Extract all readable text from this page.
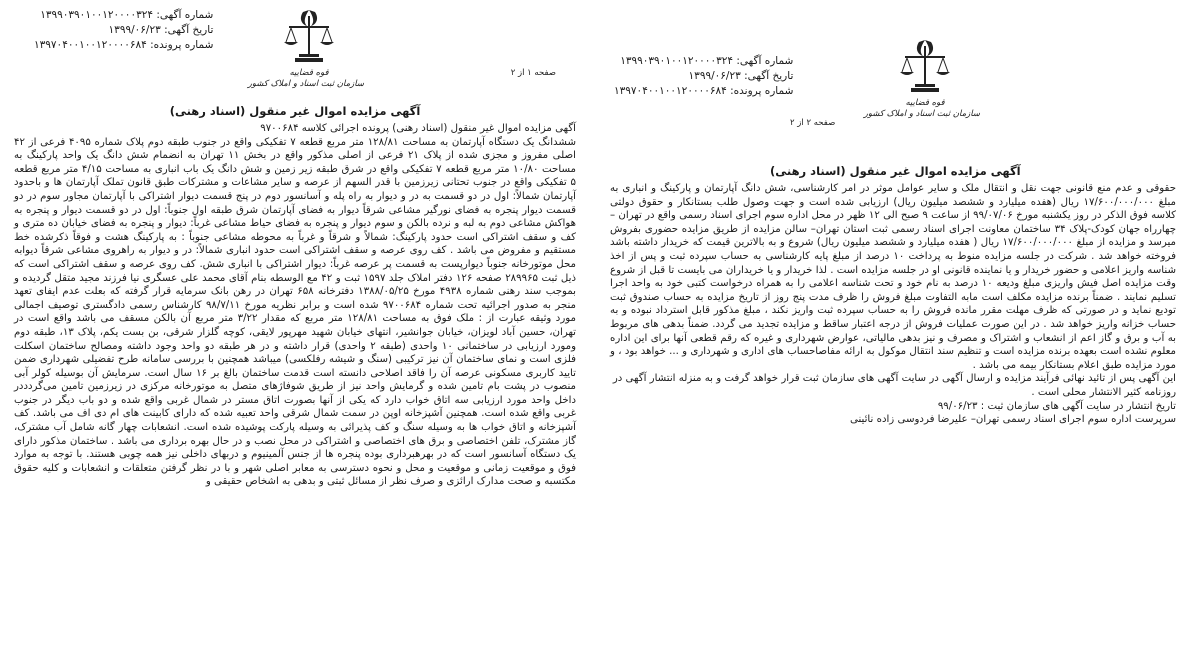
شماره آگهی: ۱۳۹۹۰۳۹۰۱۰۰۱۲۰۰۰۰۳۲۴
تاریخ آگهی: ۱۳۹۹/۰۶/۲۳
شماره پرونده: ۱۳۹۷۰۴۰۰۱۰۰۱۲۰۰۰۰۶۸۴
قوه قضاییه
سازمان ثبت اسناد و املاک کشور
صفحه ۱ از ۲
آگهی مزایده اموال غیر منقول (اسناد رهنی)

آگهی مزایده اموال غیر منقول (اسناد رهنی) پرونده اجرائی کلاسه ۹۷۰۰۶۸۴

ششدانگ یک دستگاه آپارتمان به مساحت ۱۲۸/۸۱ متر مربع قطعه ۷ تفکیکی واقع در جنوب طبقه دوم پلاک شماره ۴۰۹۵ فرعی از ۴۲ اصلی مفروز و مجزی شده از پلاک ۲۱ فرعی از اصلی مذکور واقع در بخش ۱۱ تهران به انضمام شش دانگ یک واحد پارکینگ به مساحت ۱۰/۸۰ متر مربع قطعه ۷ تفکیکی واقع در شرق طبقه زیر زمین و شش دانگ یک باب انباری به مساحت ۴/۱۵ متر مربع قطعه ۵ تفکیکی واقع در جنوب تحتانی زیرزمین با قدر السهم از عرصه و سایر مشاعات و مشترکات طبق قانون تملک آپارتمان ها و باحدود آپارتمان شمالاً: اول در دو قسمت به در و دیوار به راه پله و آسانسور دوم در پنج قسمت دیوار اشتراکی با آپارتمان مجاور سوم در دو قسمت دیوار پنجره به فضای نورگیر مشاعی شرقاً دیوار به فضای آپارتمان شرق طبقه اول جنوباً: اول در دو قسمت دیوار و پنجره به هواکش مشاعی دوم به لبه و نرده بالکن و سوم دیوار و پنجره به فضای حیاط مشاعی غرباً: دیوار و پنجره به فضای خیابان ده متری و کف و سقف اشتراکی است حدود پارکینگ: شمالاً و شرقاً و غرباً به محوطه مشاعی جنوباً : به پارکینگ هشت و فوقاً ذکرشده خط مستقیم و مفروض می باشد . کف روی عرصه و سقف اشتراکی است حدود انباری شمالاً: در و دیوار به راهروی مشاعی شرقاً دیوابه محل موتورخانه جنوباً دیوارپست به قسمت پر عرصه غرباً: دیوار اشتراکی با انباری شش. کف روی عرصه و سقف اشتراکی است که ذیل ثبت ۲۸۹۹۶۵ صفحه ۱۲۶ دفتر املاک جلد ۱۵۹۷ ثبت و ۴۲ مع الوسطه بنام آقای محمد علی عسگری نیا فرزند مجید متقل گردیده و بموجب سند رهنی شماره ۴۹۳۸ مورخ ۱۳۸۸/۰۵/۲۵ دفترخانه ۶۵۸ تهران در رهن بانک سرمایه قرار گرفته که بعلت عدم ایفای تعهد منجر به صدور اجرائیه تحت شماره ۹۷۰۰۶۸۴ شده است و برابر نظریه مورخ ۹۸/۷/۱۱ کارشناس رسمی دادگستری توصیف اجمالی مورد وثیقه عبارت از : ملک فوق به مساحت ۱۲۸/۸۱ متر مربع که مقدار ۳/۲۲ متر مربع آن بالکن مسقف می باشد واقع است در تهران، حسین آباد لویزان، خیابان جوانشیر، انتهای خیابان شهید مهرپور لایقی، کوچه گلزار شرقی، بن بست یکم، پلاک ۱۳، طبقه دوم ومورد ارزیابی در ساختمانی ۱۰ واحدی (طبقه ۲ واحدی) قرار داشته و در هر طبقه دو واحد وجود داشته ومصالح ساختمان اسکلت فلزی است و نمای ساختمان آن نیز ترکیبی (سنگ و شیشه رفلکسی) میباشد همچنین با بررسی سامانه طرح تفضیلی شهرداری ضمن تایید کاربری مسکونی عرصه آن را فاقد اصلاحی دانسته است قدمت ساختمان بالغ بر ۱۶ سال است. سرمایش آن بوسیله کولر آبی منصوب در پشت بام تامین شده و گرمایش واحد نیز از طریق شوفاژهای متصل به موتورخانه مرکزی در زیرزمین تامین می‌گردددر داخل واحد مورد ارزیابی سه اتاق خواب دارد که یکی از آنها بصورت اتاق مستر در شمال غربی واقع شده و دو باب دیگر در جنوب غربی واقع شده است. همچنین آشپزخانه اوپن در سمت شمال شرقی واحد تعبیه شده که دارای کابینت های ام دی اف می باشد. کف آشپزخانه و اتاق خواب ها به وسیله سنگ و کف پذیرائی به وسیله پارکت پوشیده شده است. انشعابات چهار گانه شامل آب مشترک، گاز مشترک، تلفن اختصاصی و برق های اختصاصی و اشتراکی در محل نصب و در حال بهره برداری می باشد . ساختمان مذکور دارای یک دستگاه آسانسور است که در بهرهبرداری بوده پنجره ها از جنس آلمینیوم و دربهای داخلی نیز همه چوبی هستند. با توجه به موارد فوق و موقعیت زمانی و موقعیت و محل و نحوه دسترسی به معابر اصلی شهر و با در نظر گرفتن متعلقات و انشعابات و کلیه حقوق مکتسبه و صحت مدارک ارائزی و صرف نظر از مسائل ثبتی و بدهی به اشخاص حقیقی و

شماره آگهی: ۱۳۹۹۰۳۹۰۱۰۰۱۲۰۰۰۰۳۲۴
تاریخ آگهی: ۱۳۹۹/۰۶/۲۳
شماره پرونده: ۱۳۹۷۰۴۰۰۱۰۰۱۲۰۰۰۰۶۸۴
قوه قضاییه
سازمان ثبت اسناد و املاک کشور
صفحه ۲ از ۲
آگهی مزایده اموال غیر منقول (اسناد رهنی)

حقوقی و عدم منع قانونی جهت نقل و انتقال ملک و سایر عوامل موثر در امر کارشناسی، شش دانگ آپارتمان و پارکینگ و انباری به مبلغ ۱۷/۶۰۰/۰۰۰/۰۰۰ ریال (هفده میلیارد و ششصد میلیون ریال) ارزیابی شده است و جهت وصول طلب بستانکار و حقوق دولتی کلاسه فوق الذکر در روز یکشنبه مورخ ۹۹/۰۷/۰۶ از ساعت ۹ صبح الی ۱۲ ظهر در محل اداره سوم اجرای اسناد رسمی واقع در تهران – چهارراه جهان کودک-پلاک ۳۴ ساختمان معاونت اجرای اسناد رسمی ثبت استان تهران– سالن مزایده از طریق مزایده حضوری بفروش میرسد و مزایده از مبلغ ۱۷/۶۰۰/۰۰۰/۰۰۰ ریال ( هفده میلیارد و ششصد میلیون ریال) شروع و به بالاترین قیمت که خریدار داشته باشد فروخته خواهد شد . شرکت در جلسه مزایده منوط به پرداخت ۱۰ درصد از مبلغ پایه کارشناسی به حساب سپرده ثبت و پس از اخذ شناسه واریز اعلامی و حضور خریدار و یا نماینده قانونی او در جلسه مزایده است . لذا خریدار و یا خریداران می بایست تا قبل از شروع وقت مزایده اصل فیش واریزی مبلغ ودیعه ۱۰ درصد به نام خود و تحت شناسه اعلامی را به همراه درخواست کتبی خود به واحد اجرا تسلیم نمایند . ضمناً برنده مزایده مکلف است مابه التفاوت مبلغ فروش را ظرف مدت پنج روز از تاریخ مزایده به حساب صندوق ثبت تودیع نماید و در صورتی که ظرف مهلت مقرر مانده فروش را به حساب سپرده ثبت واریز نکند ، مبلغ مذکور قابل استرداد نبوده و به حساب خزانه واریز خواهد شد . در این صورت عملیات فروش از درجه اعتبار ساقط و مزایده تجدید می گردد. ضمناً بدهی های مربوط به آب و برق و گاز اعم از انشعاب و اشتراک و مصرف و نیز بدهی مالیاتی، عوارض شهرداری و غیره که رقم قطعی آنها برای این اداره معلوم نشده است بعهده برنده مزایده است و تنظیم سند انتقال موکول به ارائه مفاصاحساب های اداری و شهرداری و ... خواهد بود ، و مورد مزایده طبق اعلام بستانکار بیمه می باشد .

این آگهی پس از تائید نهائی فرآیند مزایده و ارسال آگهی در سایت آگهی های سازمان ثبت قرار خواهد گرفت و به منزله انتشار آگهی در روزنامه کثیر الانتشار محلی است .

تاریخ انتشار در سایت آگهی های سازمان ثبت : ۹۹/۰۶/۲۳

سرپرست اداره سوم اجرای اسناد رسمی تهران– علیرضا فردوسی زاده نائینی
